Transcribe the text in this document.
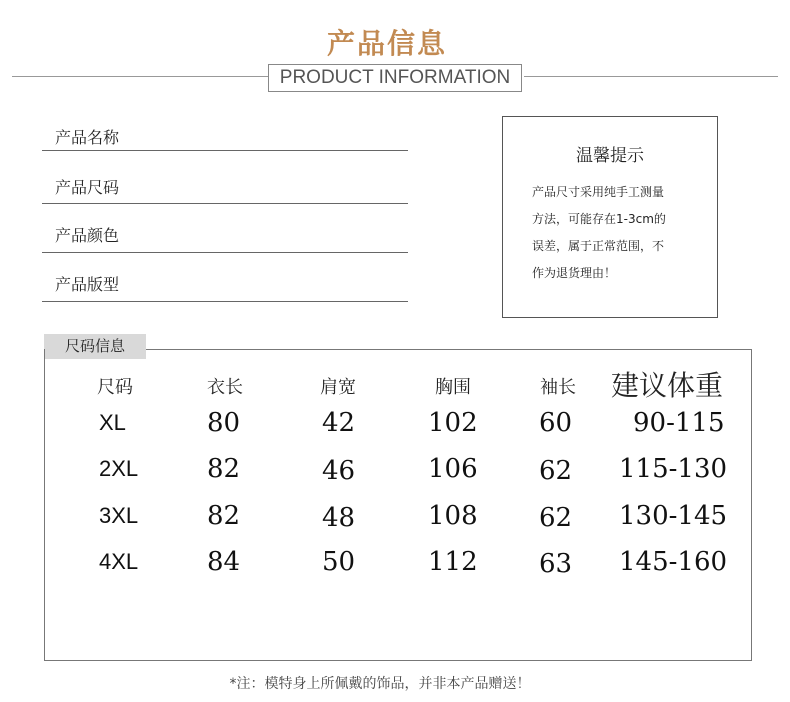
产品信息
PRODUCT INFORMATION
产品名称
产品尺码
产品颜色
产品版型
温馨提示
产品尺寸采用纯手工测量
方法，可能存在1-3cm的
误差，属于正常范围，不
作为退货理由！
尺码信息
尺码	衣长	肩宽	胸围	袖长 建议体重
XL	80	42	102 60 90-115
2XL	82	46	106 62 115-130
3XL	82	48	108 62 130-145
4XL	84	50	112 63 145-160
*注：模特身上所佩戴的饰品，并非本产品赠送！
